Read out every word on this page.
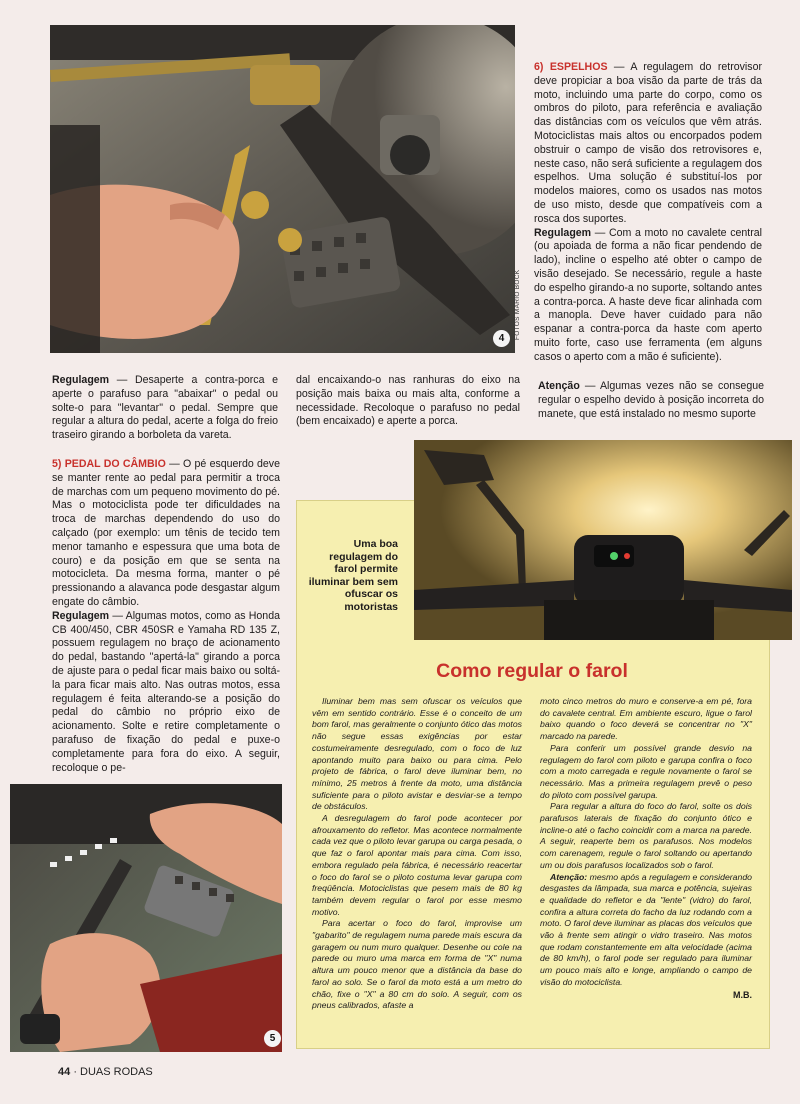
4	FOTOS MARIO BOCK

6) ESPELHOS — A regulagem do retrovisor deve propiciar a boa visão da parte de trás da moto, incluindo uma parte do corpo, como os ombros do piloto, para referência e avaliação das distâncias com os veículos que vêm atrás. Motociclistas mais altos ou encorpados podem obstruir o campo de visão dos retrovisores e, neste caso, não será suficiente a regulagem dos espelhos. Uma solução é substituí-los por modelos maiores, como os usados nas motos de uso misto, desde que compatíveis com a rosca dos suportes.

Regulagem — Com a moto no cavalete central (ou apoiada de forma a não ficar pendendo de lado), incline o espelho até obter o campo de visão desejado. Se necessário, regule a haste do espelho girando-a no suporte, soltando antes a contra-porca. A haste deve ficar alinhada com a manopla. Deve haver cuidado para não espanar a contra-porca da haste com aperto muito forte, caso use ferramenta (em alguns casos o aperto com a mão é suficiente).

Regulagem — Desaperte a contra-porca e aperte o parafuso para "abaixar" o pedal ou solte-o para "levantar" o pedal. Sempre que regular a altura do pedal, acerte a folga do freio traseiro girando a borboleta da vareta.

dal encaixando-o nas ranhuras do eixo na posição mais baixa ou mais alta, conforme a necessidade. Recoloque o parafuso no pedal (bem encaixado) e aperte a porca.

Atenção — Algumas vezes não se consegue regular o espelho devido à posição incorreta do manete, que está instalado no mesmo suporte

5) PEDAL DO CÂMBIO — O pé esquerdo deve se manter rente ao pedal para permitir a troca de marchas com um pequeno movimento do pé. Mas o motociclista pode ter dificuldades na troca de marchas dependendo do uso do calçado (por exemplo: um tênis de tecido tem menor tamanho e espessura que uma bota de couro) e da posição em que se senta na motocicleta. Da mesma forma, manter o pé pressionando a alavanca pode desgastar algum engate do câmbio.

Regulagem — Algumas motos, como as Honda CB 400/450, CBR 450SR e Yamaha RD 135 Z, possuem regulagem no braço de acionamento do pedal, bastando "apertá-la" girando a porca de ajuste para o pedal ficar mais baixo ou soltá-la para ficar mais alto. Nas outras motos, essa regulagem é feita alterando-se a posição do pedal do câmbio no próprio eixo de acionamento. Solte e retire completamente o parafuso de fixação do pedal e puxe-o completamente para fora do eixo. A seguir, recoloque o pe-

Uma boa regulagem do farol permite iluminar bem sem ofuscar os motoristas
Como regular o farol

Iluminar bem mas sem ofuscar os veículos que vêm em sentido contrário. Esse é o conceito de um bom farol, mas geralmente o conjunto ótico das motos não segue essas exigências por estar costumeiramente desregulado, com o foco de luz apontando muito para baixo ou para cima. Pelo projeto de fábrica, o farol deve iluminar bem, no mínimo, 25 metros à frente da moto, uma distância suficiente para o piloto avistar e desviar-se a tempo de obstáculos.

A desregulagem do farol pode acontecer por afrouxamento do refletor. Mas acontece normalmente cada vez que o piloto levar garupa ou carga pesada, o que faz o farol apontar mais para cima. Com isso, embora regulado pela fábrica, é necessário reacertar o foco do farol se o piloto costuma levar garupa com freqüência. Motociclistas que pesem mais de 80 kg também devem regular o farol por esse mesmo motivo.

Para acertar o foco do farol, improvise um "gabarito" de regulagem numa parede mais escura da garagem ou num muro qualquer. Desenhe ou cole na parede ou muro uma marca em forma de "X" numa altura um pouco menor que a distância da base do farol ao solo. Se o farol da moto está a um metro do chão, fixe o "X" a 80 cm do solo. A seguir, com os pneus calibrados, afaste a

moto cinco metros do muro e conserve-a em pé, fora do cavalete central. Em ambiente escuro, ligue o farol baixo quando o foco deverá se concentrar no "X" marcado na parede.

Para conferir um possível grande desvio na regulagem do farol com piloto e garupa confira o foco com a moto carregada e regule novamente o farol se necessário. Mas a primeira regulagem prevê o peso do piloto com possível garupa.

Para regular a altura do foco do farol, solte os dois parafusos laterais de fixação do conjunto ótico e incline-o até o facho coincidir com a marca na parede. A seguir, reaperte bem os parafusos. Nos modelos com carenagem, regule o farol soltando ou apertando um ou dois parafusos localizados sob o farol.

Atenção: mesmo após a regulagem e considerando desgastes da lâmpada, sua marca e potência, sujeiras e qualidade do refletor e da "lente" (vidro) do farol, confira a altura correta do facho da luz rodando com a moto. O farol deve iluminar as placas dos veículos que vão à frente sem atingir o vidro traseiro. Nas motos que rodam constantemente em alta velocidade (acima de 80 km/h), o farol pode ser regulado para iluminar um pouco mais alto e longe, ampliando o campo de visão do motociclista.

M.B.
5
44 · DUAS RODAS
